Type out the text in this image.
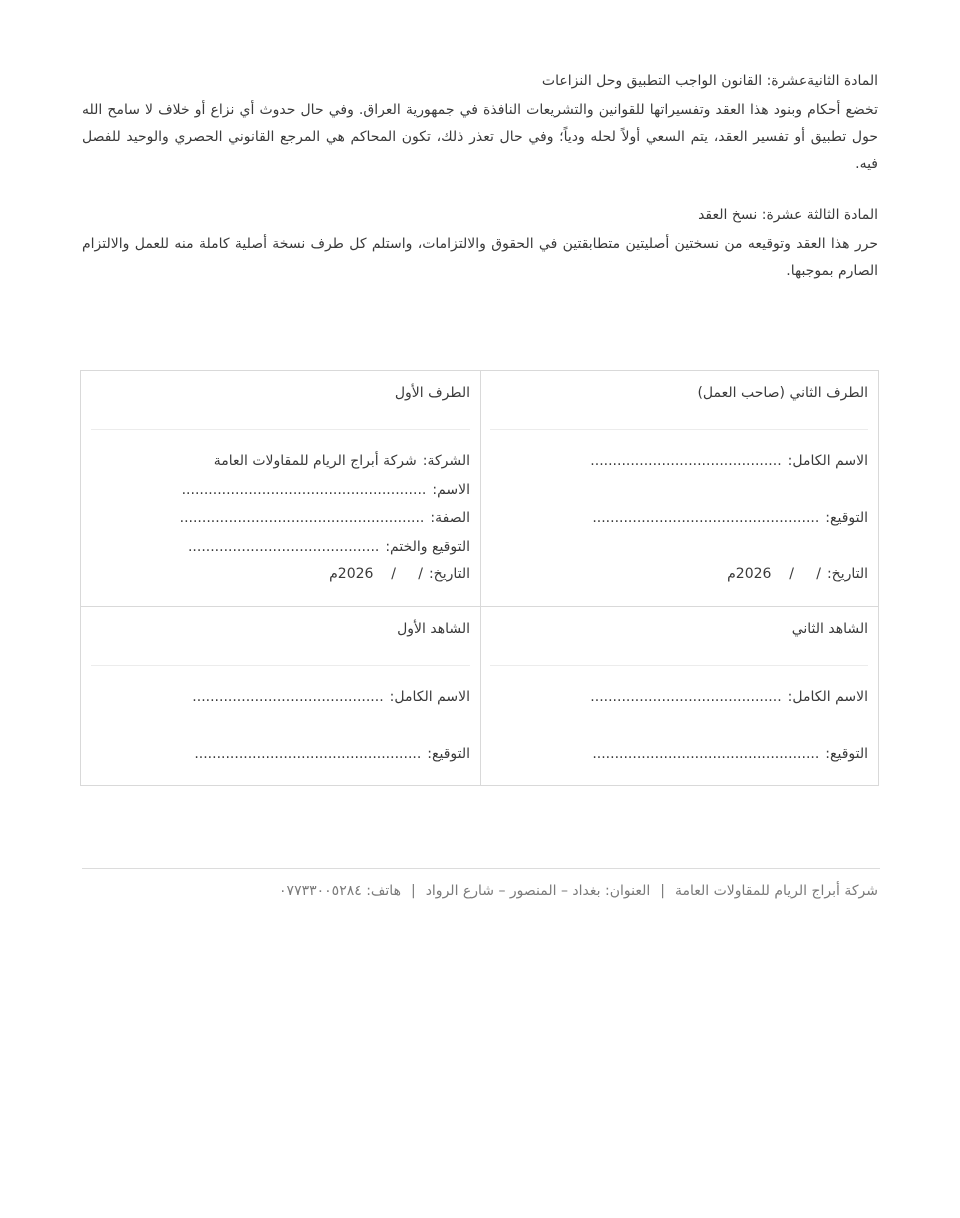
المادة الثانيةعشرة: القانون الواجب التطبيق وحل النزاعات

تخضع أحكام وبنود هذا العقد وتفسيراتها للقوانين والتشريعات النافذة في جمهورية العراق. وفي حال حدوث أي نزاع أو خلاف لا سامح الله حول تطبيق أو تفسير العقد، يتم السعي أولاً لحله ودياً؛ وفي حال تعذر ذلك، تكون المحاكم هي المرجع القانوني الحصري والوحيد للفصل فيه.

المادة الثالثة عشرة: نسخ العقد

حرر هذا العقد وتوقيعه من نسختين أصليتين متطابقتين في الحقوق والالتزامات، واستلم كل طرف نسخة أصلية كاملة منه للعمل والالتزام الصارم بموجبها.

الطرف الثاني (صاحب العمل)
الاسم الكامل:...........................................
التوقيع:...................................................
التاريخ:/     /    2026م
الطرف الأول
الشركة:شركة أبراج الريام للمقاولات العامة
الاسم:.......................................................
الصفة:.......................................................
التوقيع والختم:...........................................
التاريخ:/     /    2026م
الشاهد الثاني
الاسم الكامل:...........................................
التوقيع:...................................................
الشاهد الأول
الاسم الكامل:...........................................
التوقيع:...................................................
شركة أبراج الريام للمقاولات العامة|العنوان: بغداد – المنصور – شارع الرواد|هاتف: ٠٧٧٣٣٠٠٥٢٨٤
